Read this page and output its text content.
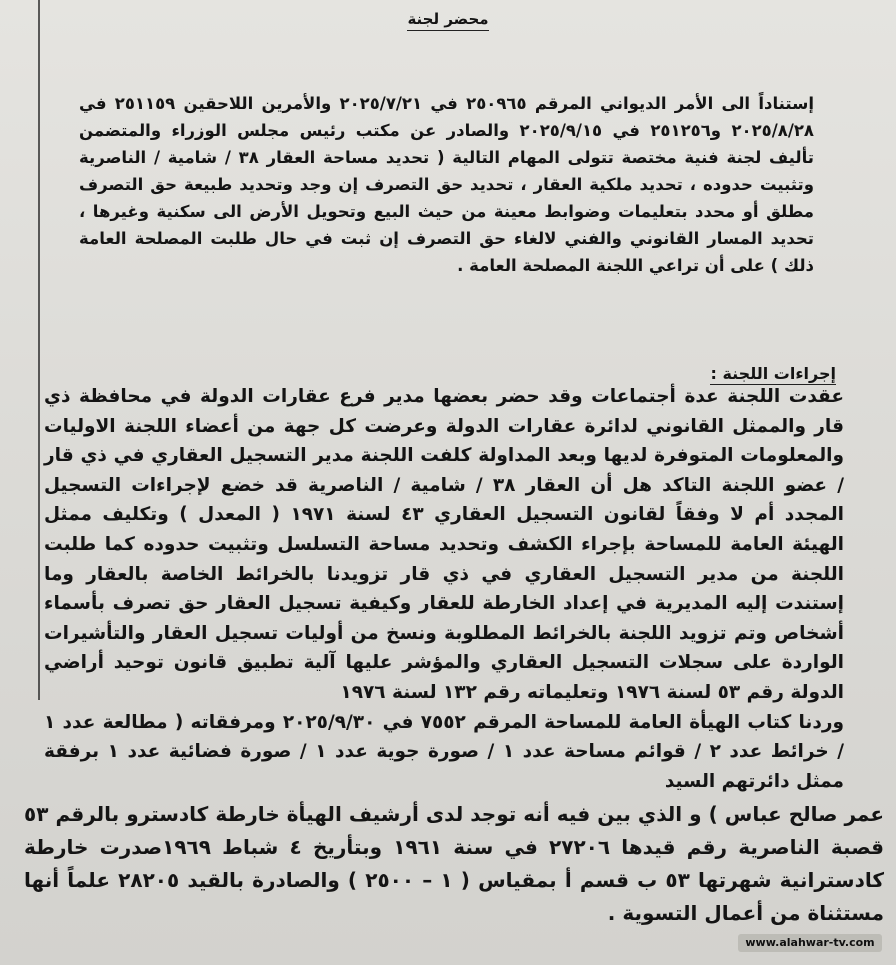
محضر لجنة

إستناداً الى الأمر الديواني المرقم ٢٥٠٩٦٥ في ٢٠٢٥/٧/٢١ والأمرين اللاحقين ٢٥١١٥٩ في ٢٠٢٥/٨/٢٨ و٢٥١٢٥٦ في ٢٠٢٥/٩/١٥ والصادر عن مكتب رئيس مجلس الوزراء والمتضمن تأليف لجنة فنية مختصة تتولى المهام التالية ( تحديد مساحة العقار ٣٨ / شامية / الناصرية وتثبيت حدوده ، تحديد ملكية العقار ، تحديد حق التصرف إن وجد وتحديد طبيعة حق التصرف مطلق أو محدد بتعليمات وضوابط معينة من حيث البيع وتحويل الأرض الى سكنية وغيرها ، تحديد المسار القانوني والفني لالغاء حق التصرف إن ثبت في حال طلبت المصلحة العامة ذلك ) على أن تراعي اللجنة المصلحة العامة .

إجراءات اللجنة :

عقدت اللجنة عدة أجتماعات وقد حضر بعضها مدير فرع عقارات الدولة في محافظة ذي قار والممثل القانوني لدائرة عقارات الدولة وعرضت كل جهة من أعضاء اللجنة الاوليات والمعلومات المتوفرة لديها وبعد المداولة كلفت اللجنة مدير التسجيل العقاري في ذي قار / عضو اللجنة التاكد هل أن العقار ٣٨ / شامية / الناصرية قد خضع لإجراءات التسجيل المجدد أم لا وفقاً لقانون التسجيل العقاري ٤٣ لسنة ١٩٧١ ( المعدل ) وتكليف ممثل الهيئة العامة للمساحة بإجراء الكشف وتحديد مساحة التسلسل وتثبيت حدوده كما طلبت اللجنة من مدير التسجيل العقاري في ذي قار تزويدنا بالخرائط الخاصة بالعقار وما إستندت إليه المديرية في إعداد الخارطة للعقار وكيفية تسجيل العقار حق تصرف بأسماء أشخاص وتم تزويد اللجنة بالخرائط المطلوبة ونسخ من أوليات تسجيل العقار والتأشيرات الواردة على سجلات التسجيل العقاري والمؤشر عليها آلية تطبيق قانون توحيد أراضي الدولة رقم ٥٣ لسنة ١٩٧٦ وتعليماته رقم ١٣٢ لسنة ١٩٧٦

وردنا كتاب الهيأة العامة للمساحة المرقم ٧٥٥٢ في ٢٠٢٥/٩/٣٠ ومرفقاته ( مطالعة عدد ١ / خرائط عدد ٢ / قوائم مساحة عدد ١ / صورة جوية عدد ١ / صورة فضائية عدد ١ برفقة ممثل دائرتهم السيد

عمر صالح عباس ) و الذي بين فيه أنه توجد لدى أرشيف الهيأة خارطة كادسترو بالرقم ٥٣ قصبة الناصرية رقم قيدها ٢٧٢٠٦ في سنة ١٩٦١ وبتأريخ ٤ شباط ١٩٦٩صدرت خارطة كادسترانية شهرتها ٥٣ ب قسم أ بمقياس ( ١ – ٢٥٠٠ ) والصادرة بالقيد ٢٨٢٠٥ علماً أنها مستثناة من أعمال التسوية .

www.alahwar-tv.com
